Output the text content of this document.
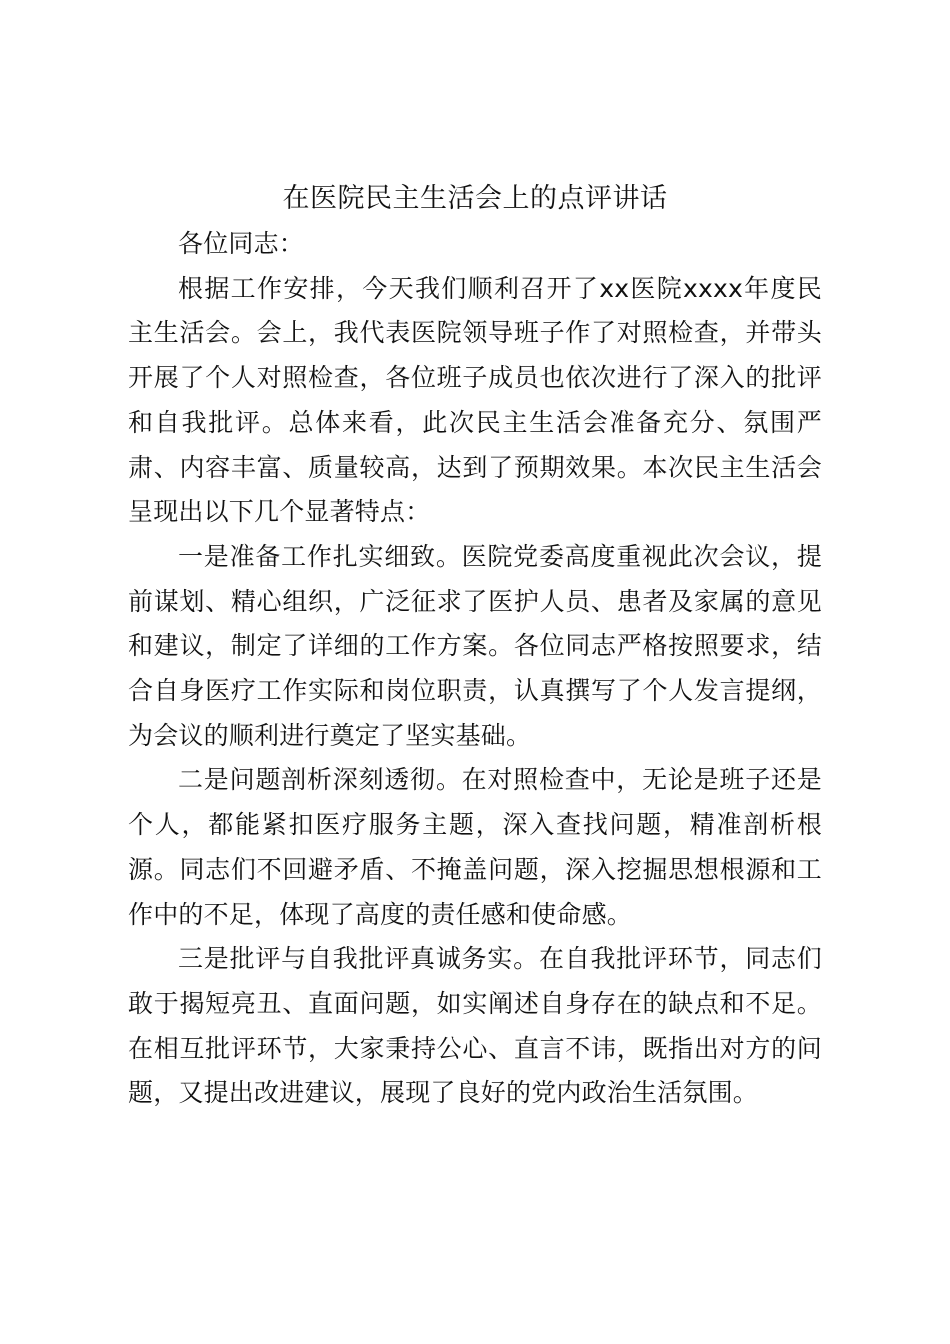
在医院民主生活会上的点评讲话

各位同志：

根据工作安排，今天我们顺利召开了xx医院xxxx年度民主生活会。会上，我代表医院领导班子作了对照检查，并带头开展了个人对照检查，各位班子成员也依次进行了深入的批评和自我批评。总体来看，此次民主生活会准备充分、氛围严肃、内容丰富、质量较高，达到了预期效果。本次民主生活会呈现出以下几个显著特点：

一是准备工作扎实细致。医院党委高度重视此次会议，提前谋划、精心组织，广泛征求了医护人员、患者及家属的意见和建议，制定了详细的工作方案。各位同志严格按照要求，结合自身医疗工作实际和岗位职责，认真撰写了个人发言提纲，为会议的顺利进行奠定了坚实基础。

二是问题剖析深刻透彻。在对照检查中，无论是班子还是个人，都能紧扣医疗服务主题，深入查找问题，精准剖析根源。同志们不回避矛盾、不掩盖问题，深入挖掘思想根源和工作中的不足，体现了高度的责任感和使命感。

三是批评与自我批评真诚务实。在自我批评环节，同志们敢于揭短亮丑、直面问题，如实阐述自身存在的缺点和不足。在相互批评环节，大家秉持公心、直言不讳，既指出对方的问题，又提出改进建议，展现了良好的党内政治生活氛围。
